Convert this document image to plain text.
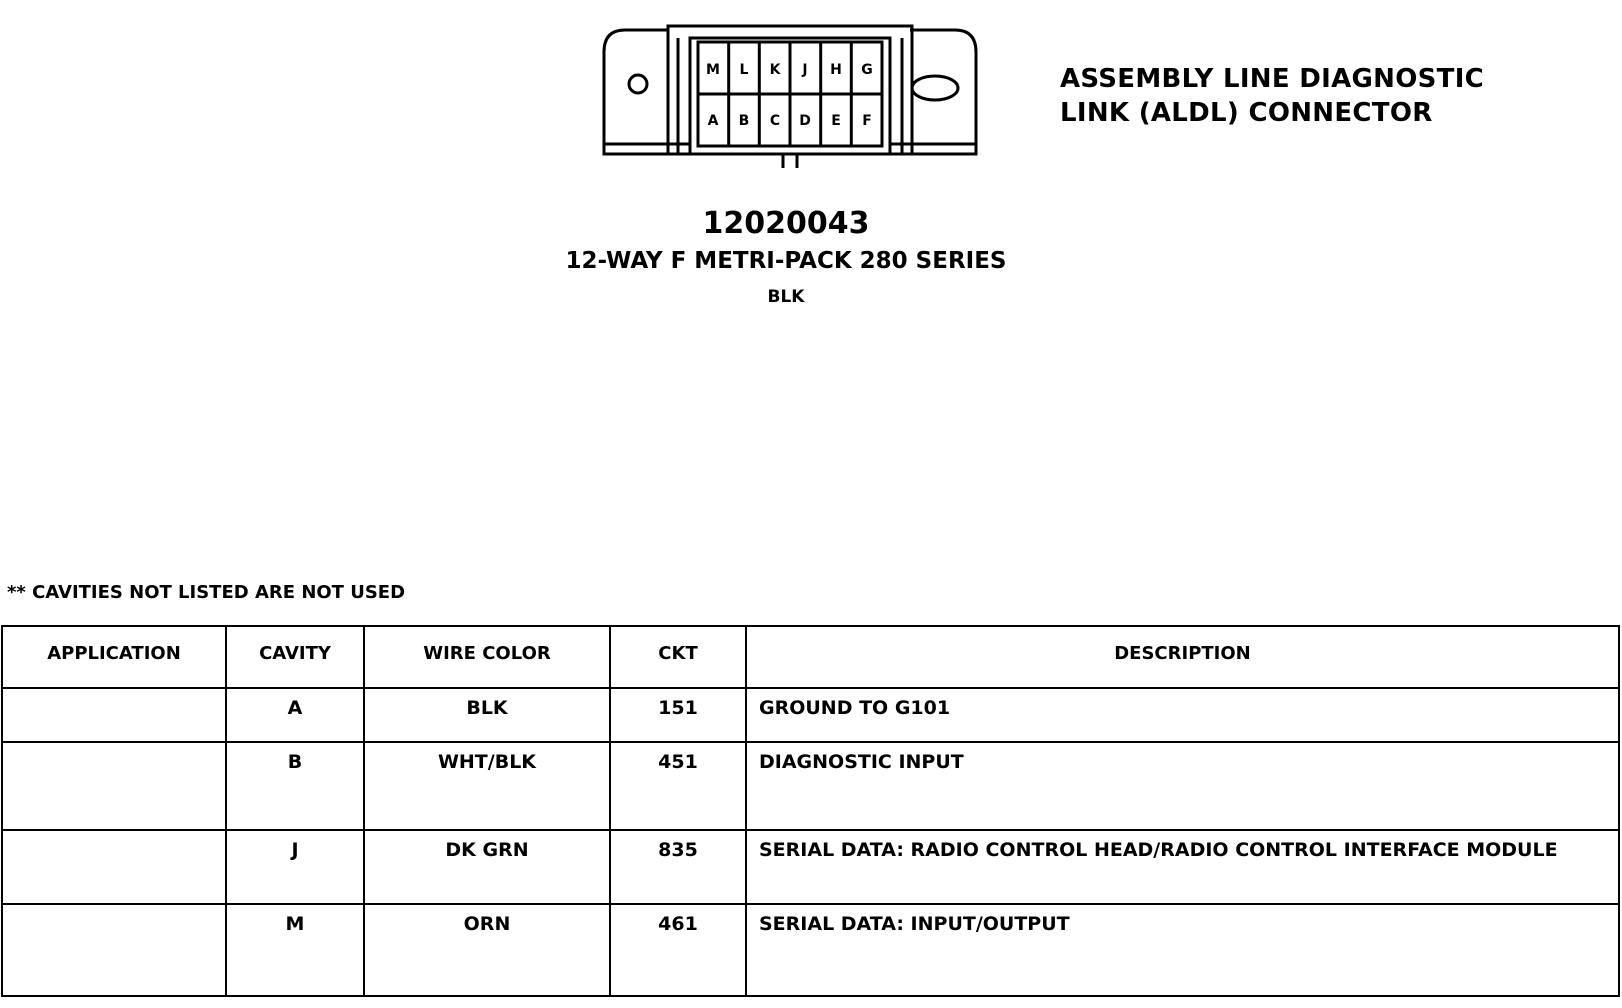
M L K J H G
A B C D E F
ASSEMBLY LINE DIAGNOSTIC
LINK (ALDL) CONNECTOR
12020043
12-WAY F METRI-PACK 280 SERIES
BLK
** CAVITIES NOT LISTED ARE NOT USED
APPLICATION	CAVITY	WIRE COLOR	CKT	DESCRIPTION
	A	BLK	151	GROUND TO G101
	B	WHT/BLK	451	DIAGNOSTIC INPUT
	J	DK GRN	835	SERIAL DATA: RADIO CONTROL HEAD/RADIO CONTROL INTERFACE MODULE
	M	ORN	461	SERIAL DATA: INPUT/OUTPUT
